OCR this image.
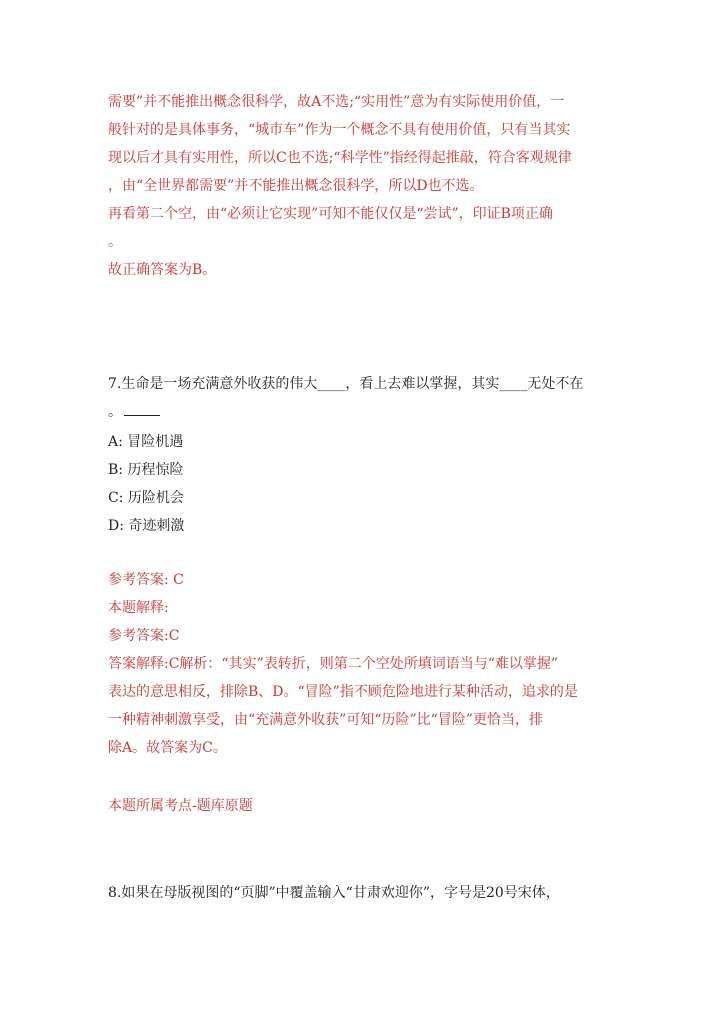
需要”并不能推出概念很科学，故A不选;“实用性”意为有实际使用价值，一
般针对的是具体事务，“城市车”作为一个概念不具有使用价值，只有当其实
现以后才具有实用性，所以C也不选;“科学性”指经得起推敲，符合客观规律
，由“全世界都需要”并不能推出概念很科学，所以D也不选。
再看第二个空，由“必须让它实现”可知不能仅仅是“尝试”，印证B项正确
。
故正确答案为B。
7.生命是一场充满意外收获的伟大____，看上去难以掌握，其实____无处不在
。
A: 冒险机遇
B: 历程惊险
C: 历险机会
D: 奇迹刺激
参考答案: C
本题解释:
参考答案:C
答案解释:C解析：“其实”表转折，则第二个空处所填词语当与“难以掌握”
表达的意思相反，排除B、D。“冒险”指不顾危险地进行某种活动，追求的是
一种精神刺激享受，由“充满意外收获”可知“历险”比“冒险”更恰当，排
除A。故答案为C。
本题所属考点-题库原题
8.如果在母版视图的“页脚”中覆盖输入“甘肃欢迎你”，字号是20号宋体，
